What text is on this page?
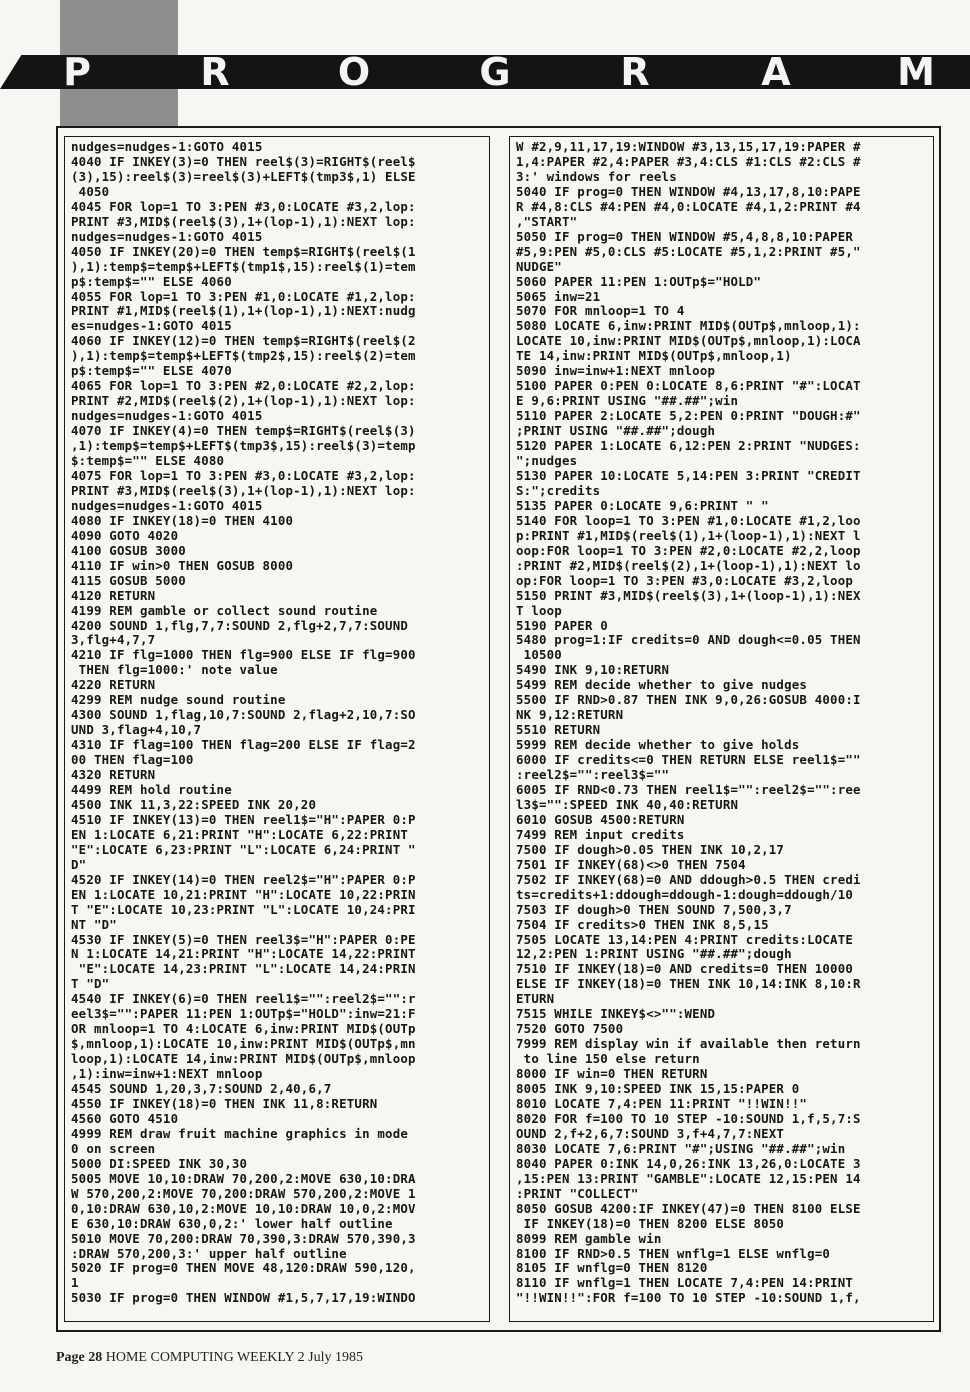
P	R	O	G	R	A	M
nudges=nudges-1:GOTO 4015
4040 IF INKEY(3)=0 THEN reel$(3)=RIGHT$(reel$
(3),15):reel$(3)=reel$(3)+LEFT$(tmp3$,1) ELSE
4050
4045 FOR lop=1 TO 3:PEN #3,0:LOCATE #3,2,lop:
PRINT #3,MID$(reel$(3),1+(lop-1),1):NEXT lop:
nudges=nudges-1:GOTO 4015
4050 IF INKEY(20)=0 THEN temp$=RIGHT$(reel$(1
),1):temp$=temp$+LEFT$(tmp1$,15):reel$(1)=tem
p$:temp$="" ELSE 4060
4055 FOR lop=1 TO 3:PEN #1,0:LOCATE #1,2,lop:
PRINT #1,MID$(reel$(1),1+(lop-1),1):NEXT:nudg
es=nudges-1:GOTO 4015
4060 IF INKEY(12)=0 THEN temp$=RIGHT$(reel$(2
),1):temp$=temp$+LEFT$(tmp2$,15):reel$(2)=tem
p$:temp$="" ELSE 4070
4065 FOR lop=1 TO 3:PEN #2,0:LOCATE #2,2,lop:
PRINT #2,MID$(reel$(2),1+(lop-1),1):NEXT lop:
nudges=nudges-1:GOTO 4015
4070 IF INKEY(4)=0 THEN temp$=RIGHT$(reel$(3)
,1):temp$=temp$+LEFT$(tmp3$,15):reel$(3)=temp
$:temp$="" ELSE 4080
4075 FOR lop=1 TO 3:PEN #3,0:LOCATE #3,2,lop:
PRINT #3,MID$(reel$(3),1+(lop-1),1):NEXT lop:
nudges=nudges-1:GOTO 4015
4080 IF INKEY(18)=0 THEN 4100
4090 GOTO 4020
4100 GOSUB 3000
4110 IF win>0 THEN GOSUB 8000
4115 GOSUB 5000
4120 RETURN
4199 REM gamble or collect sound routine
4200 SOUND 1,flg,7,7:SOUND 2,flg+2,7,7:SOUND
3,flg+4,7,7
4210 IF flg=1000 THEN flg=900 ELSE IF flg=900
THEN flg=1000:' note value
4220 RETURN
4299 REM nudge sound routine
4300 SOUND 1,flag,10,7:SOUND 2,flag+2,10,7:SO
UND 3,flag+4,10,7
4310 IF flag=100 THEN flag=200 ELSE IF flag=2
00 THEN flag=100
4320 RETURN
4499 REM hold routine
4500 INK 11,3,22:SPEED INK 20,20
4510 IF INKEY(13)=0 THEN reel1$="H":PAPER 0:P
EN 1:LOCATE 6,21:PRINT "H":LOCATE 6,22:PRINT
"E":LOCATE 6,23:PRINT "L":LOCATE 6,24:PRINT "
D"
4520 IF INKEY(14)=0 THEN reel2$="H":PAPER 0:P
EN 1:LOCATE 10,21:PRINT "H":LOCATE 10,22:PRIN
T "E":LOCATE 10,23:PRINT "L":LOCATE 10,24:PRI
NT "D"
4530 IF INKEY(5)=0 THEN reel3$="H":PAPER 0:PE
N 1:LOCATE 14,21:PRINT "H":LOCATE 14,22:PRINT
"E":LOCATE 14,23:PRINT "L":LOCATE 14,24:PRIN
T "D"
4540 IF INKEY(6)=0 THEN reel1$="":reel2$="":r
eel3$="":PAPER 11:PEN 1:OUTp$="HOLD":inw=21:F
OR mnloop=1 TO 4:LOCATE 6,inw:PRINT MID$(OUTp
$,mnloop,1):LOCATE 10,inw:PRINT MID$(OUTp$,mn
loop,1):LOCATE 14,inw:PRINT MID$(OUTp$,mnloop
,1):inw=inw+1:NEXT mnloop
4545 SOUND 1,20,3,7:SOUND 2,40,6,7
4550 IF INKEY(18)=0 THEN INK 11,8:RETURN
4560 GOTO 4510
4999 REM draw fruit machine graphics in mode
0 on screen
5000 DI:SPEED INK 30,30
5005 MOVE 10,10:DRAW 70,200,2:MOVE 630,10:DRA
W 570,200,2:MOVE 70,200:DRAW 570,200,2:MOVE 1
0,10:DRAW 630,10,2:MOVE 10,10:DRAW 10,0,2:MOV
E 630,10:DRAW 630,0,2:' lower half outline
5010 MOVE 70,200:DRAW 70,390,3:DRAW 570,390,3
:DRAW 570,200,3:' upper half outline
5020 IF prog=0 THEN MOVE 48,120:DRAW 590,120,
1
5030 IF prog=0 THEN WINDOW #1,5,7,17,19:WINDO
W #2,9,11,17,19:WINDOW #3,13,15,17,19:PAPER #
1,4:PAPER #2,4:PAPER #3,4:CLS #1:CLS #2:CLS #
3:' windows for reels
5040 IF prog=0 THEN WINDOW #4,13,17,8,10:PAPE
R #4,8:CLS #4:PEN #4,0:LOCATE #4,1,2:PRINT #4
,"START"
5050 IF prog=0 THEN WINDOW #5,4,8,8,10:PAPER
#5,9:PEN #5,0:CLS #5:LOCATE #5,1,2:PRINT #5,"
NUDGE"
5060 PAPER 11:PEN 1:OUTp$="HOLD"
5065 inw=21
5070 FOR mnloop=1 TO 4
5080 LOCATE 6,inw:PRINT MID$(OUTp$,mnloop,1):
LOCATE 10,inw:PRINT MID$(OUTp$,mnloop,1):LOCA
TE 14,inw:PRINT MID$(OUTp$,mnloop,1)
5090 inw=inw+1:NEXT mnloop
5100 PAPER 0:PEN 0:LOCATE 8,6:PRINT "#":LOCAT
E 9,6:PRINT USING "##.##";win
5110 PAPER 2:LOCATE 5,2:PEN 0:PRINT "DOUGH:#"
;PRINT USING "##.##";dough
5120 PAPER 1:LOCATE 6,12:PEN 2:PRINT "NUDGES:
";nudges
5130 PAPER 10:LOCATE 5,14:PEN 3:PRINT "CREDIT
S:";credits
5135 PAPER 0:LOCATE 9,6:PRINT " "
5140 FOR loop=1 TO 3:PEN #1,0:LOCATE #1,2,loo
p:PRINT #1,MID$(reel$(1),1+(loop-1),1):NEXT l
oop:FOR loop=1 TO 3:PEN #2,0:LOCATE #2,2,loop
:PRINT #2,MID$(reel$(2),1+(loop-1),1):NEXT lo
op:FOR loop=1 TO 3:PEN #3,0:LOCATE #3,2,loop
5150 PRINT #3,MID$(reel$(3),1+(loop-1),1):NEX
T loop
5190 PAPER 0
5480 prog=1:IF credits=0 AND dough<=0.05 THEN
10500
5490 INK 9,10:RETURN
5499 REM decide whether to give nudges
5500 IF RND>0.87 THEN INK 9,0,26:GOSUB 4000:I
NK 9,12:RETURN
5510 RETURN
5999 REM decide whether to give holds
6000 IF credits<=0 THEN RETURN ELSE reel1$=""
:reel2$="":reel3$=""
6005 IF RND<0.73 THEN reel1$="":reel2$="":ree
l3$="":SPEED INK 40,40:RETURN
6010 GOSUB 4500:RETURN
7499 REM input credits
7500 IF dough>0.05 THEN INK 10,2,17
7501 IF INKEY(68)<>0 THEN 7504
7502 IF INKEY(68)=0 AND ddough>0.5 THEN credi
ts=credits+1:ddough=ddough-1:dough=ddough/10
7503 IF dough>0 THEN SOUND 7,500,3,7
7504 IF credits>0 THEN INK 8,5,15
7505 LOCATE 13,14:PEN 4:PRINT credits:LOCATE
12,2:PEN 1:PRINT USING "##.##";dough
7510 IF INKEY(18)=0 AND credits=0 THEN 10000
ELSE IF INKEY(18)=0 THEN INK 10,14:INK 8,10:R
ETURN
7515 WHILE INKEY$<>"":WEND
7520 GOTO 7500
7999 REM display win if available then return
to line 150 else return
8000 IF win=0 THEN RETURN
8005 INK 9,10:SPEED INK 15,15:PAPER 0
8010 LOCATE 7,4:PEN 11:PRINT "!!WIN!!"
8020 FOR f=100 TO 10 STEP -10:SOUND 1,f,5,7:S
OUND 2,f+2,6,7:SOUND 3,f+4,7,7:NEXT
8030 LOCATE 7,6:PRINT "#";USING "##.##";win
8040 PAPER 0:INK 14,0,26:INK 13,26,0:LOCATE 3
,15:PEN 13:PRINT "GAMBLE":LOCATE 12,15:PEN 14
:PRINT "COLLECT"
8050 GOSUB 4200:IF INKEY(47)=0 THEN 8100 ELSE
IF INKEY(18)=0 THEN 8200 ELSE 8050
8099 REM gamble win
8100 IF RND>0.5 THEN wnflg=1 ELSE wnflg=0
8105 IF wnflg=0 THEN 8120
8110 IF wnflg=1 THEN LOCATE 7,4:PEN 14:PRINT
"!!WIN!!":FOR f=100 TO 10 STEP -10:SOUND 1,f,
Page 28 HOME COMPUTING WEEKLY 2 July 1985
